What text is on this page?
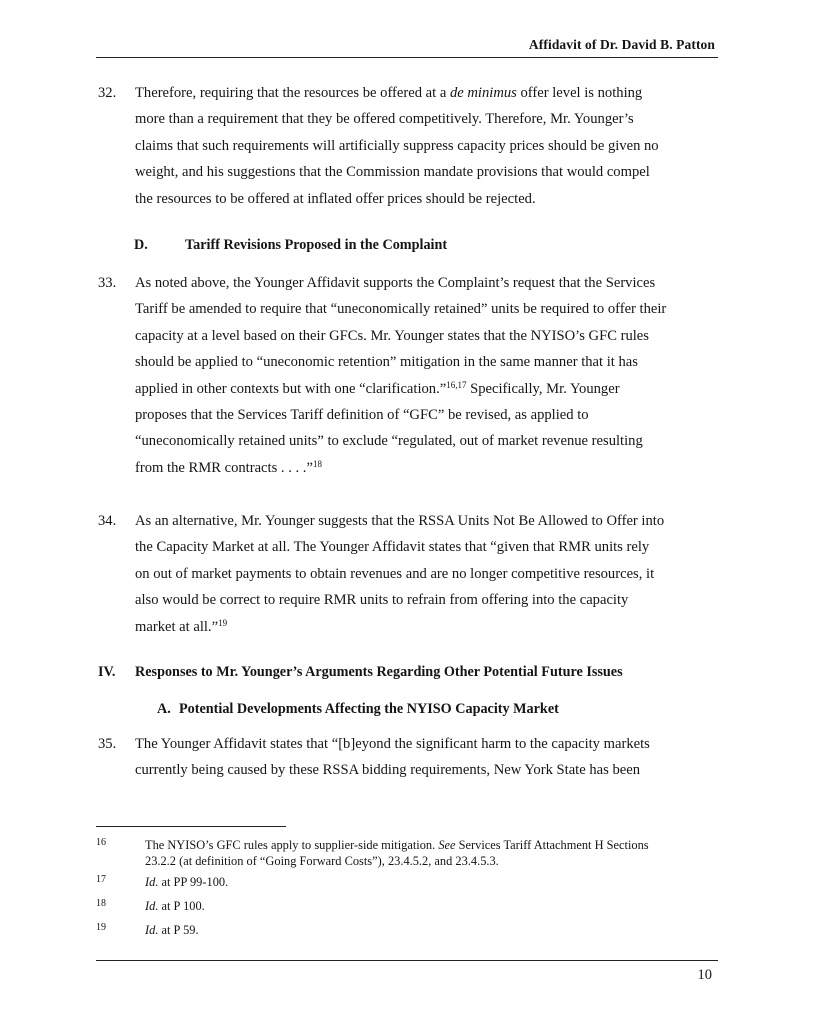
Affidavit of Dr. David B. Patton
32. Therefore, requiring that the resources be offered at a de minimus offer level is nothing
more than a requirement that they be offered competitively. Therefore, Mr. Younger’s
claims that such requirements will artificially suppress capacity prices should be given no
weight, and his suggestions that the Commission mandate provisions that would compel
the resources to be offered at inflated offer prices should be rejected.
D.	Tariff Revisions Proposed in the Complaint
33. As noted above, the Younger Affidavit supports the Complaint’s request that the Services
Tariff be amended to require that “uneconomically retained” units be required to offer their
capacity at a level based on their GFCs. Mr. Younger states that the NYISO’s GFC rules
should be applied to “uneconomic retention” mitigation in the same manner that it has
applied in other contexts but with one “clarification.”$^{16,17}$ Specifically, Mr. Younger
proposes that the Services Tariff definition of “GFC” be revised, as applied to
“uneconomically retained units” to exclude “regulated, out of market revenue resulting
from the RMR contracts . . . .”$^{18}$
34. As an alternative, Mr. Younger suggests that the RSSA Units Not Be Allowed to Offer into
the Capacity Market at all. The Younger Affidavit states that “given that RMR units rely
on out of market payments to obtain revenues and are no longer competitive resources, it
also would be correct to require RMR units to refrain from offering into the capacity
market at all.”$^{19}$
IV. Responses to Mr. Younger’s Arguments Regarding Other Potential Future Issues
A. Potential Developments Affecting the NYISO Capacity Market
35. The Younger Affidavit states that “[b]eyond the significant harm to the capacity markets
currently being caused by these RSSA bidding requirements, New York State has been
16	The NYISO’s GFC rules apply to supplier-side mitigation. See Services Tariff Attachment H Sections
23.2.2 (at definition of “Going Forward Costs”), 23.4.5.2, and 23.4.5.3.
17	Id. at PP 99-100.
18	Id. at P 100.
19	Id. at P 59.
10
